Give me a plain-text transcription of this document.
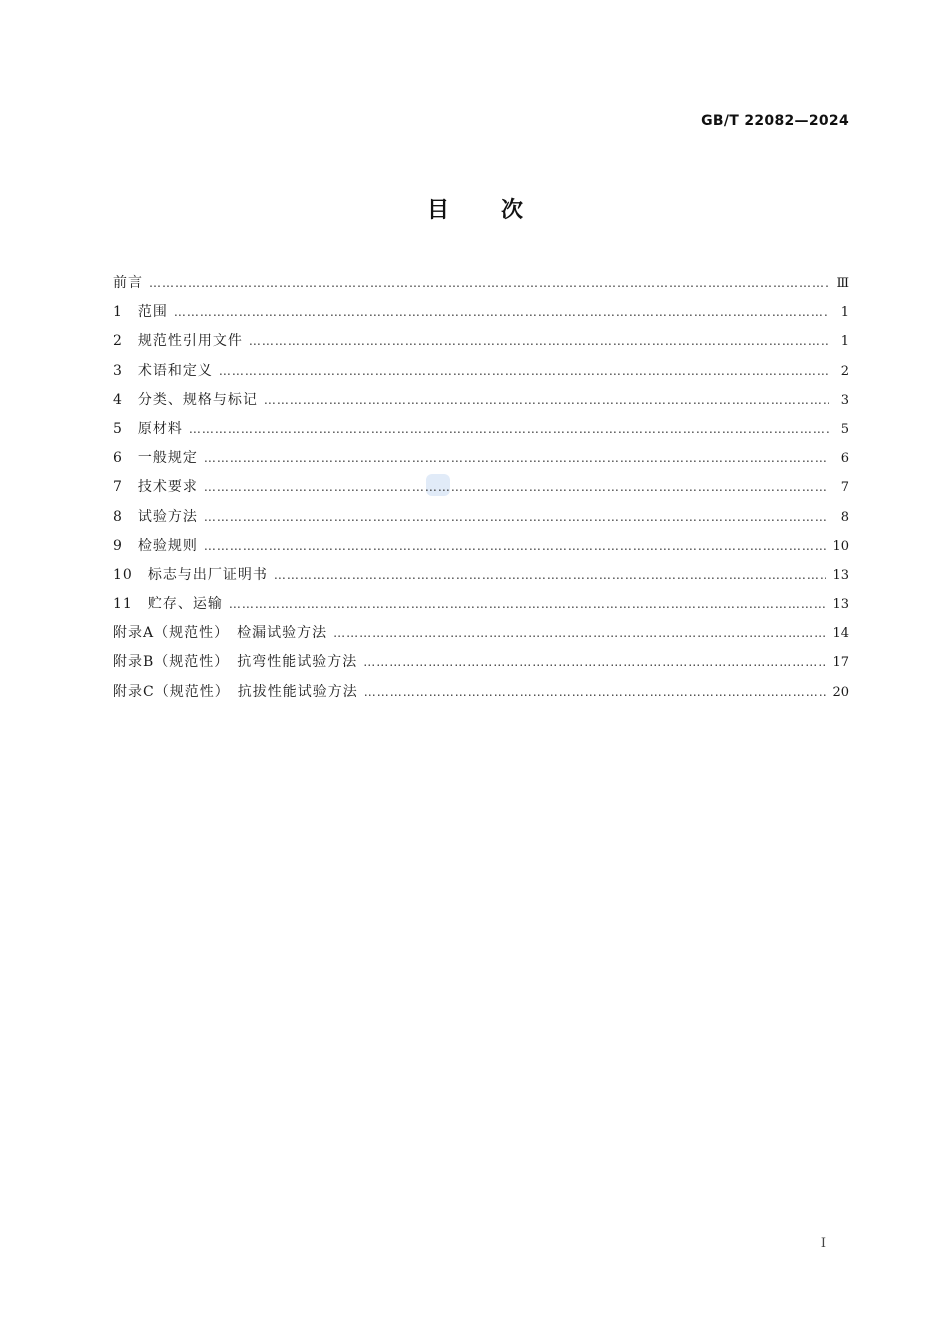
GB/T 22082—2024
目 次
前言 …………………………………………………………………………………………………………………………………………………………………………………………………………	Ⅲ
1　范围 …………………………………………………………………………………………………………………………………………………………………………………………………………	1
2　规范性引用文件 …………………………………………………………………………………………………………………………………………………………………………………………………………	1
3　术语和定义 …………………………………………………………………………………………………………………………………………………………………………………………………………	2
4　分类、规格与标记 …………………………………………………………………………………………………………………………………………………………………………………………………………	3
5　原材料 …………………………………………………………………………………………………………………………………………………………………………………………………………	5
6　一般规定 …………………………………………………………………………………………………………………………………………………………………………………………………………	6
7　技术要求 …………………………………………………………………………………………………………………………………………………………………………………………………………	7
8　试验方法 …………………………………………………………………………………………………………………………………………………………………………………………………………	8
9　检验规则 …………………………………………………………………………………………………………………………………………………………………………………………………………	10
10　标志与出厂证明书 …………………………………………………………………………………………………………………………………………………………………………………………………………	13
11　贮存、运输 …………………………………………………………………………………………………………………………………………………………………………………………………………	13
附录A（规范性）　检漏试验方法 …………………………………………………………………………………………………………………………………………………………………………………………………………	14
附录B（规范性）　抗弯性能试验方法 …………………………………………………………………………………………………………………………………………………………………………………………………………	17
附录C（规范性）　抗拔性能试验方法 …………………………………………………………………………………………………………………………………………………………………………………………………………	20
Ⅰ
